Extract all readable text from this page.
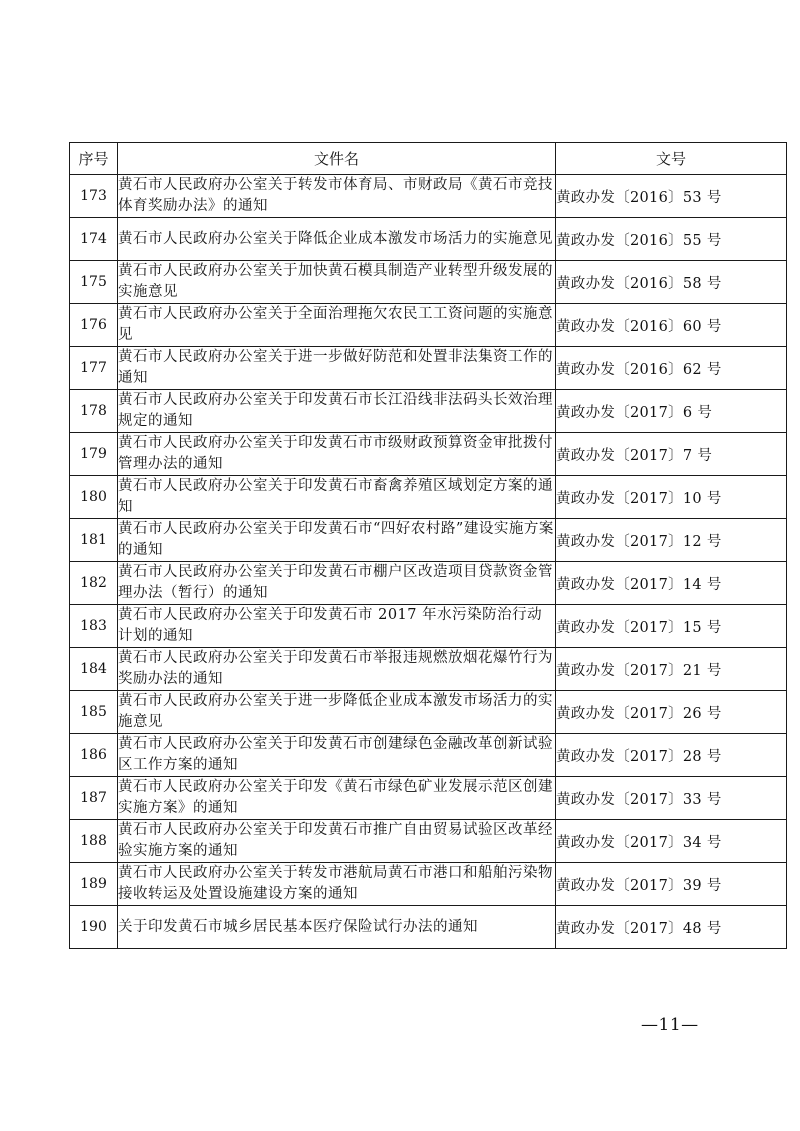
序号	文件名	文号
173	黄石市人民政府办公室关于转发市体育局、市财政局《黄石市竞技体育奖励办法》的通知	黄政办发〔2016〕53 号
174	黄石市人民政府办公室关于降低企业成本激发市场活力的实施意见	黄政办发〔2016〕55 号
175	黄石市人民政府办公室关于加快黄石模具制造产业转型升级发展的实施意见	黄政办发〔2016〕58 号
176	黄石市人民政府办公室关于全面治理拖欠农民工工资问题的实施意见	黄政办发〔2016〕60 号
177	黄石市人民政府办公室关于进一步做好防范和处置非法集资工作的通知	黄政办发〔2016〕62 号
178	黄石市人民政府办公室关于印发黄石市长江沿线非法码头长效治理规定的通知	黄政办发〔2017〕6 号
179	黄石市人民政府办公室关于印发黄石市市级财政预算资金审批拨付管理办法的通知	黄政办发〔2017〕7 号
180	黄石市人民政府办公室关于印发黄石市畜禽养殖区域划定方案的通知	黄政办发〔2017〕10 号
181	黄石市人民政府办公室关于印发黄石市“四好农村路”建设实施方案的通知	黄政办发〔2017〕12 号
182	黄石市人民政府办公室关于印发黄石市棚户区改造项目贷款资金管理办法（暂行）的通知	黄政办发〔2017〕14 号
183	黄石市人民政府办公室关于印发黄石市 2017 年水污染防治行动计划的通知	黄政办发〔2017〕15 号
184	黄石市人民政府办公室关于印发黄石市举报违规燃放烟花爆竹行为奖励办法的通知	黄政办发〔2017〕21 号
185	黄石市人民政府办公室关于进一步降低企业成本激发市场活力的实施意见	黄政办发〔2017〕26 号
186	黄石市人民政府办公室关于印发黄石市创建绿色金融改革创新试验区工作方案的通知	黄政办发〔2017〕28 号
187	黄石市人民政府办公室关于印发《黄石市绿色矿业发展示范区创建实施方案》的通知	黄政办发〔2017〕33 号
188	黄石市人民政府办公室关于印发黄石市推广自由贸易试验区改革经验实施方案的通知	黄政办发〔2017〕34 号
189	黄石市人民政府办公室关于转发市港航局黄石市港口和船舶污染物接收转运及处置设施建设方案的通知	黄政办发〔2017〕39 号
190	关于印发黄石市城乡居民基本医疗保险试行办法的通知	黄政办发〔2017〕48 号
—11—
